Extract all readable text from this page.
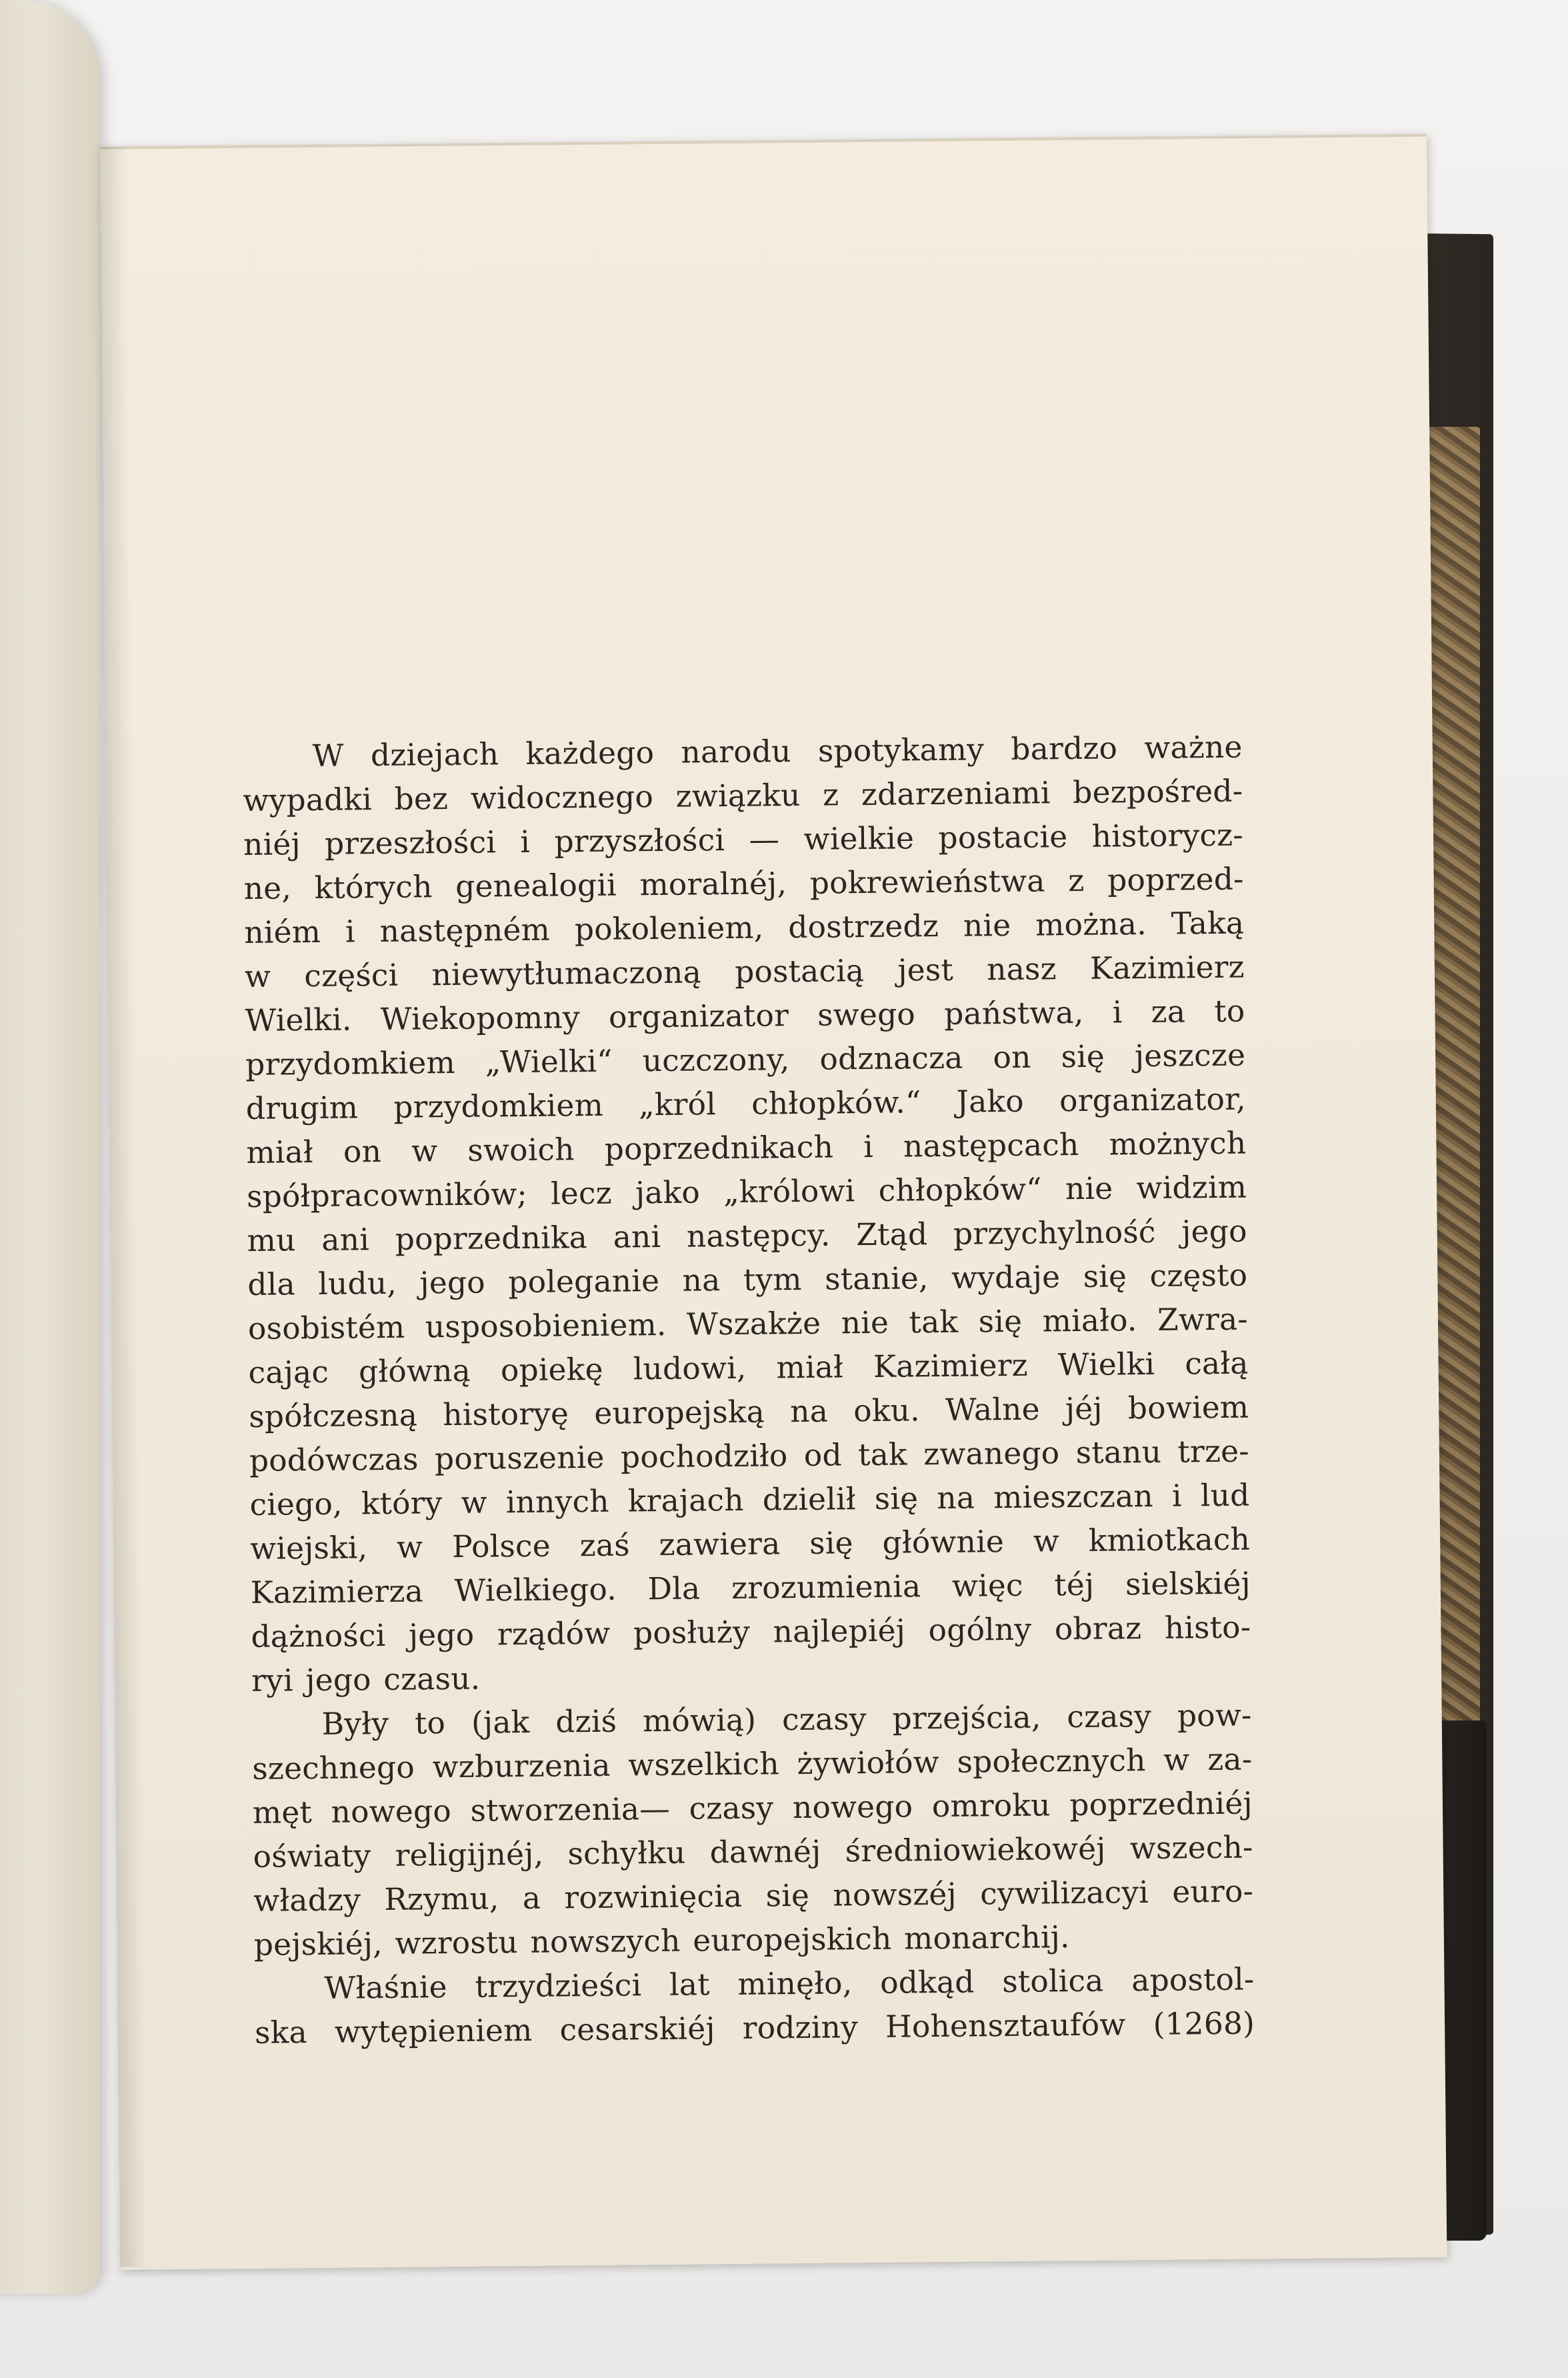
W dziejach każdego narodu spotykamy bardzo ważne
wypadki bez widocznego związku z zdarzeniami bezpośred-
niéj przeszłości i przyszłości — wielkie postacie historycz-
ne, których genealogii moralnéj, pokrewieństwa z poprzed-
niém i następném pokoleniem, dostrzedz nie można. Taką
w części niewytłumaczoną postacią jest nasz Kazimierz
Wielki. Wiekopomny organizator swego państwa, i za to
przydomkiem „Wielki“ uczczony, odznacza on się jeszcze
drugim przydomkiem „król chłopków.“ Jako organizator,
miał on w swoich poprzednikach i następcach możnych
spółpracowników; lecz jako „królowi chłopków“ nie widzim
mu ani poprzednika ani następcy. Ztąd przychylność jego
dla ludu, jego poleganie na tym stanie, wydaje się często
osobistém usposobieniem. Wszakże nie tak się miało. Zwra-
cając główną opiekę ludowi, miał Kazimierz Wielki całą
spółczesną historyę europejską na oku. Walne jéj bowiem
podówczas poruszenie pochodziło od tak zwanego stanu trze-
ciego, który w innych krajach dzielił się na mieszczan i lud
wiejski, w Polsce zaś zawiera się głównie w kmiotkach
Kazimierza Wielkiego. Dla zrozumienia więc téj sielskiéj
dążności jego rządów posłuży najlepiéj ogólny obraz histo-
ryi jego czasu.
Były to (jak dziś mówią) czasy przejścia, czasy pow-
szechnego wzburzenia wszelkich żywiołów społecznych w za-
męt nowego stworzenia— czasy nowego omroku poprzedniéj
oświaty religijnéj, schyłku dawnéj średniowiekowéj wszech-
władzy Rzymu, a rozwinięcia się nowszéj cywilizacyi euro-
pejskiéj, wzrostu nowszych europejskich monarchij.
Właśnie trzydzieści lat minęło, odkąd stolica apostol-
ska wytępieniem cesarskiéj rodziny Hohensztaufów (1268)
